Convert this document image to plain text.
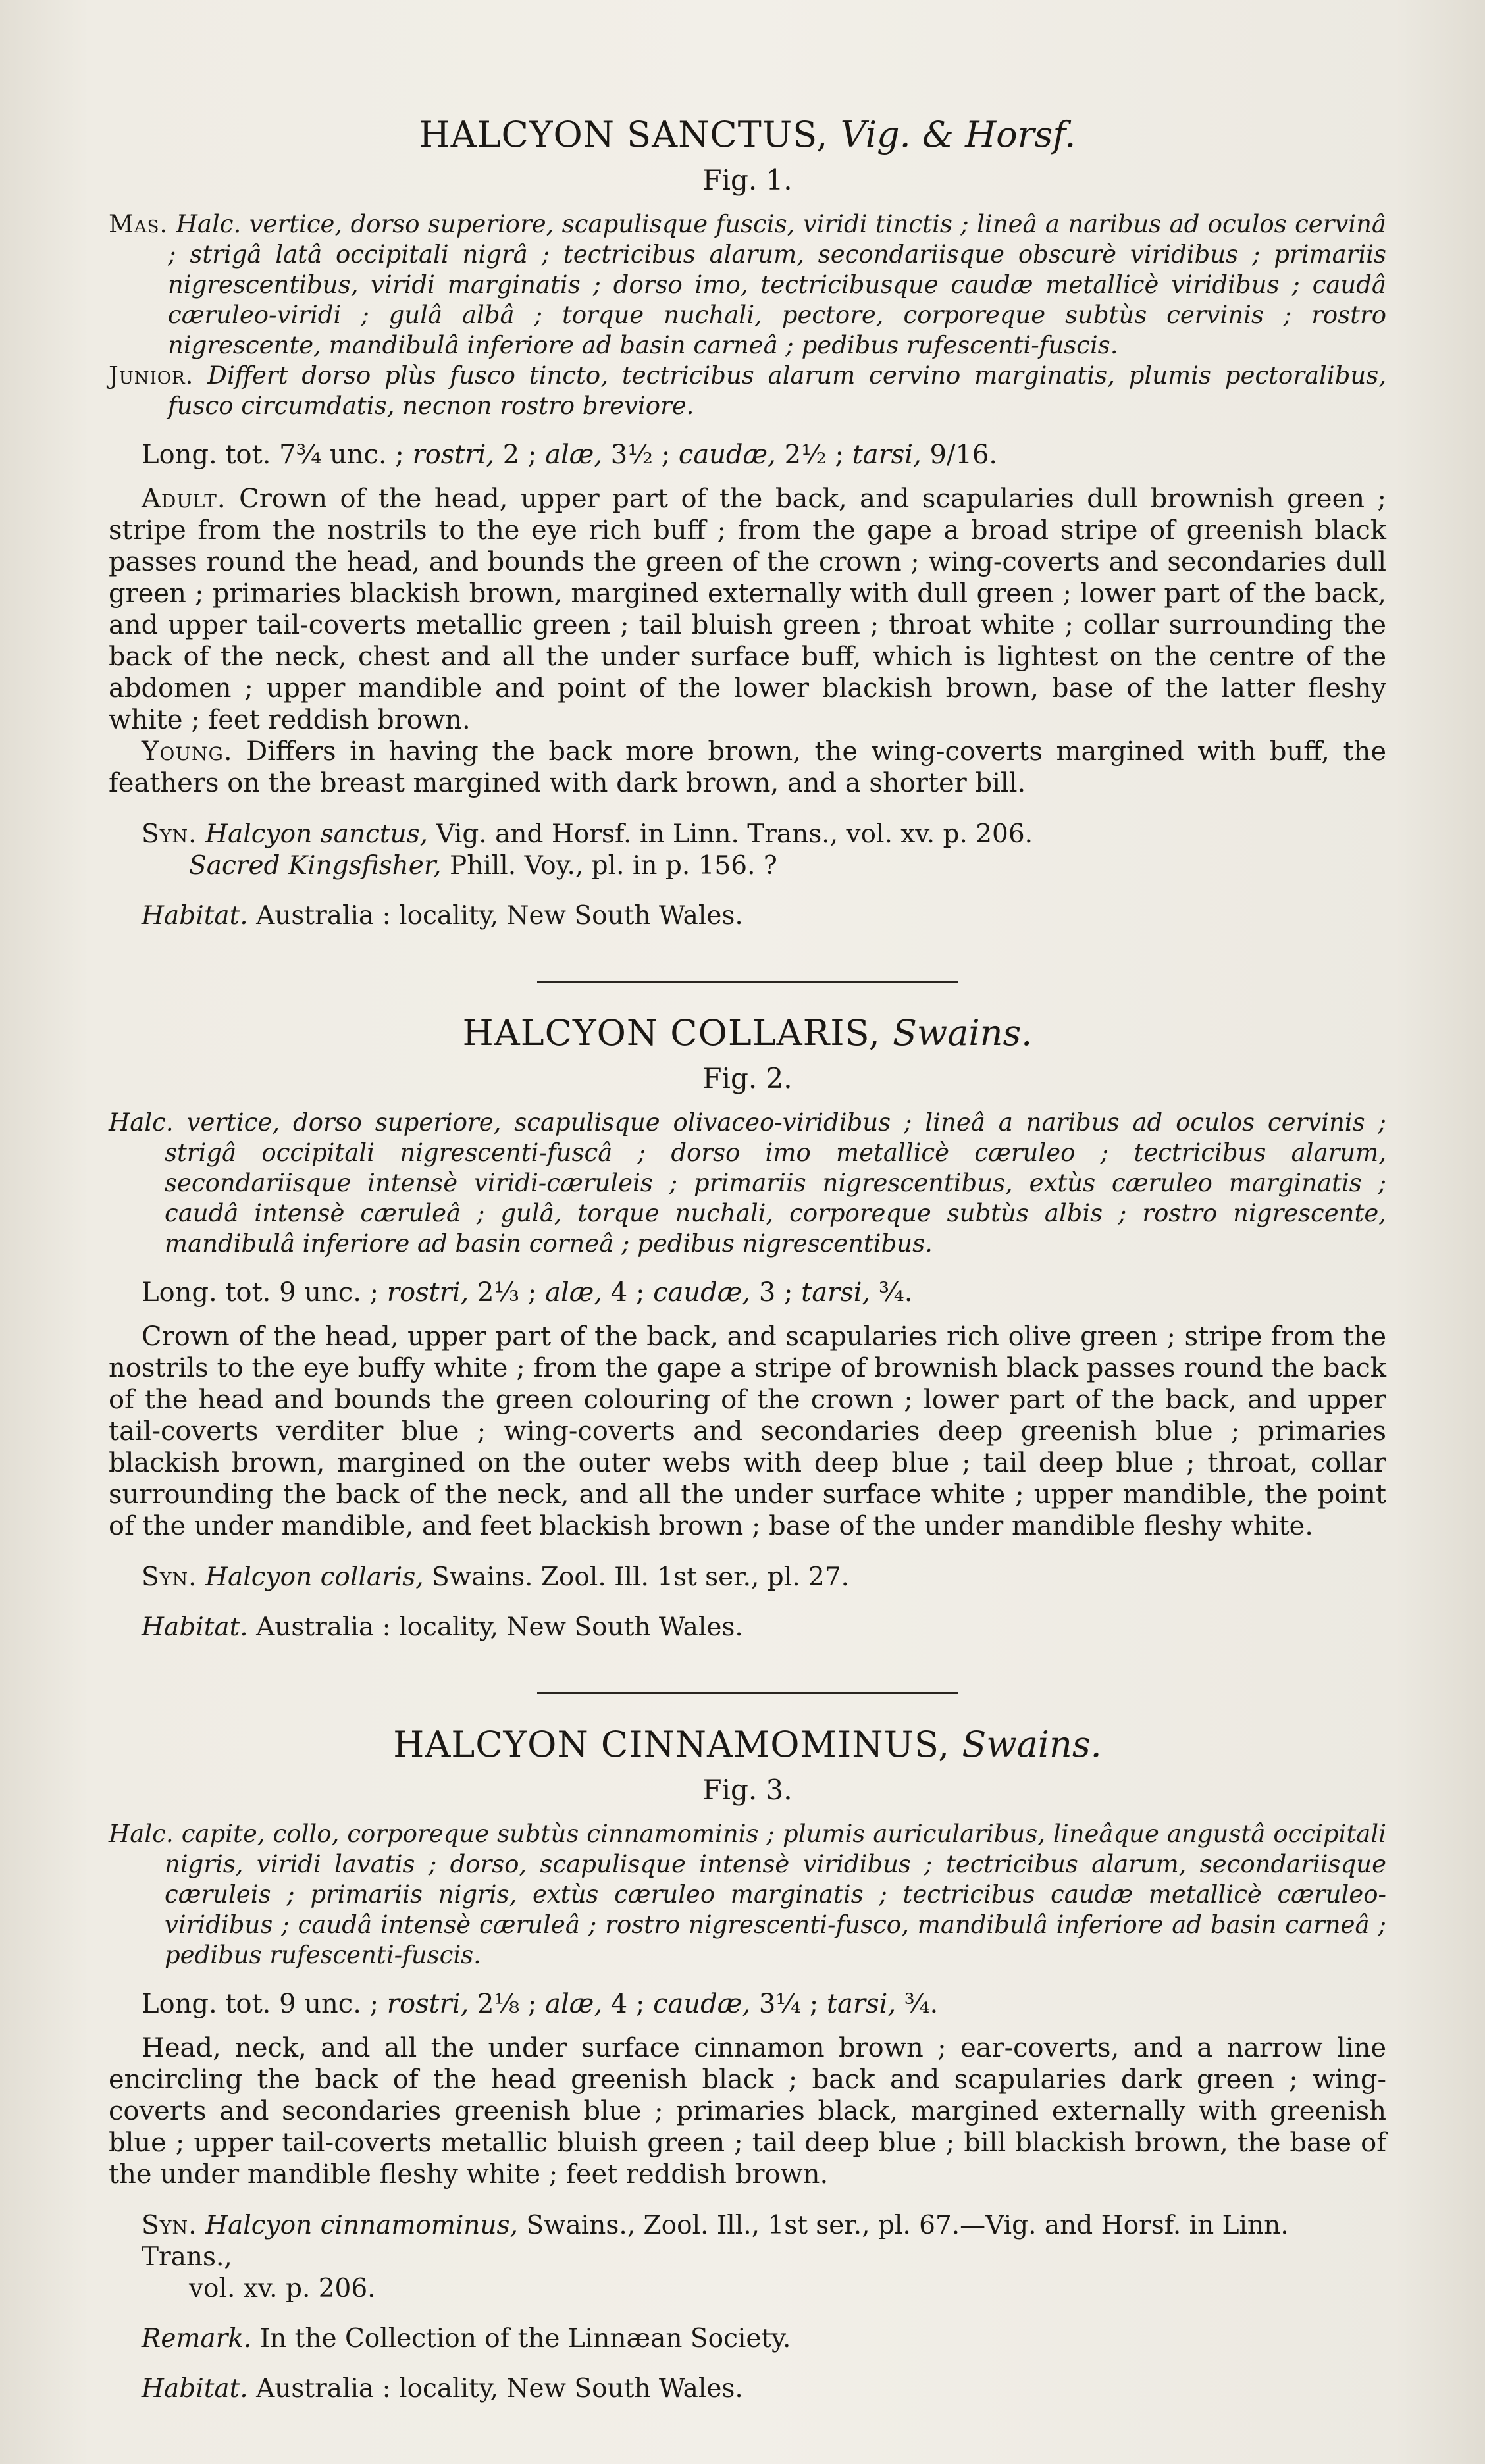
HALCYON SANCTUS, Vig. & Horsf.

Fig. 1.

Mas. Halc. vertice, dorso superiore, scapulisque fuscis, viridi tinctis ; lineâ a naribus ad oculos cervinâ ; strigâ latâ occipitali nigrâ ; tectricibus alarum, secondariisque obscurè viridibus ; primariis nigrescentibus, viridi marginatis ; dorso imo, tectricibusque caudæ metallicè viridibus ; caudâ cæruleo-viridi ; gulâ albâ ; torque nuchali, pectore, corporeque subtùs cervinis ; rostro nigrescente, mandibulâ inferiore ad basin carneâ ; pedibus rufescenti-fuscis.

Junior. Differt dorso plùs fusco tincto, tectricibus alarum cervino marginatis, plumis pectoralibus, fusco circumdatis, necnon rostro breviore.

Long. tot. 7¾ unc. ; rostri, 2 ; alæ, 3½ ; caudæ, 2½ ; tarsi, 9/16.

Adult. Crown of the head, upper part of the back, and scapularies dull brownish green ; stripe from the nostrils to the eye rich buff ; from the gape a broad stripe of greenish black passes round the head, and bounds the green of the crown ; wing-coverts and secondaries dull green ; primaries blackish brown, margined externally with dull green ; lower part of the back, and upper tail-coverts metallic green ; tail bluish green ; throat white ; collar surrounding the back of the neck, chest and all the under surface buff, which is lightest on the centre of the abdomen ; upper mandible and point of the lower blackish brown, base of the latter fleshy white ; feet reddish brown.

Young. Differs in having the back more brown, the wing-coverts margined with buff, the feathers on the breast margined with dark brown, and a shorter bill.

Syn. Halcyon sanctus, Vig. and Horsf. in Linn. Trans., vol. xv. p. 206.

Sacred Kingsfisher, Phill. Voy., pl. in p. 156. ?

Habitat. Australia : locality, New South Wales.

HALCYON COLLARIS, Swains.

Fig. 2.

Halc. vertice, dorso superiore, scapulisque olivaceo-viridibus ; lineâ a naribus ad oculos cervinis ; strigâ occipitali nigrescenti-fuscâ ; dorso imo metallicè cæruleo ; tectricibus alarum, secondariisque intensè viridi-cæruleis ; primariis nigrescentibus, extùs cæruleo marginatis ; caudâ intensè cæruleâ ; gulâ, torque nuchali, corporeque subtùs albis ; rostro nigrescente, mandibulâ inferiore ad basin corneâ ; pedibus nigrescentibus.

Long. tot. 9 unc. ; rostri, 2⅓ ; alæ, 4 ; caudæ, 3 ; tarsi, ¾.

Crown of the head, upper part of the back, and scapularies rich olive green ; stripe from the nostrils to the eye buffy white ; from the gape a stripe of brownish black passes round the back of the head and bounds the green colouring of the crown ; lower part of the back, and upper tail-coverts verditer blue ; wing-coverts and secondaries deep greenish blue ; primaries blackish brown, margined on the outer webs with deep blue ; tail deep blue ; throat, collar surrounding the back of the neck, and all the under surface white ; upper mandible, the point of the under mandible, and feet blackish brown ; base of the under mandible fleshy white.

Syn. Halcyon collaris, Swains. Zool. Ill. 1st ser., pl. 27.

Habitat. Australia : locality, New South Wales.

HALCYON CINNAMOMINUS, Swains.

Fig. 3.

Halc. capite, collo, corporeque subtùs cinnamominis ; plumis auricularibus, lineâque angustâ occipitali nigris, viridi lavatis ; dorso, scapulisque intensè viridibus ; tectricibus alarum, secondariisque cæruleis ; primariis nigris, extùs cæruleo marginatis ; tectricibus caudæ metallicè cæruleo-viridibus ; caudâ intensè cæruleâ ; rostro nigrescenti-fusco, mandibulâ inferiore ad basin carneâ ; pedibus rufescenti-fuscis.

Long. tot. 9 unc. ; rostri, 2⅛ ; alæ, 4 ; caudæ, 3¼ ; tarsi, ¾.

Head, neck, and all the under surface cinnamon brown ; ear-coverts, and a narrow line encircling the back of the head greenish black ; back and scapularies dark green ; wing-coverts and secondaries greenish blue ; primaries black, margined externally with greenish blue ; upper tail-coverts metallic bluish green ; tail deep blue ; bill blackish brown, the base of the under mandible fleshy white ; feet reddish brown.

Syn. Halcyon cinnamominus, Swains., Zool. Ill., 1st ser., pl. 67.—Vig. and Horsf. in Linn. Trans.,

vol. xv. p. 206.

Remark. In the Collection of the Linnæan Society.

Habitat. Australia : locality, New South Wales.
